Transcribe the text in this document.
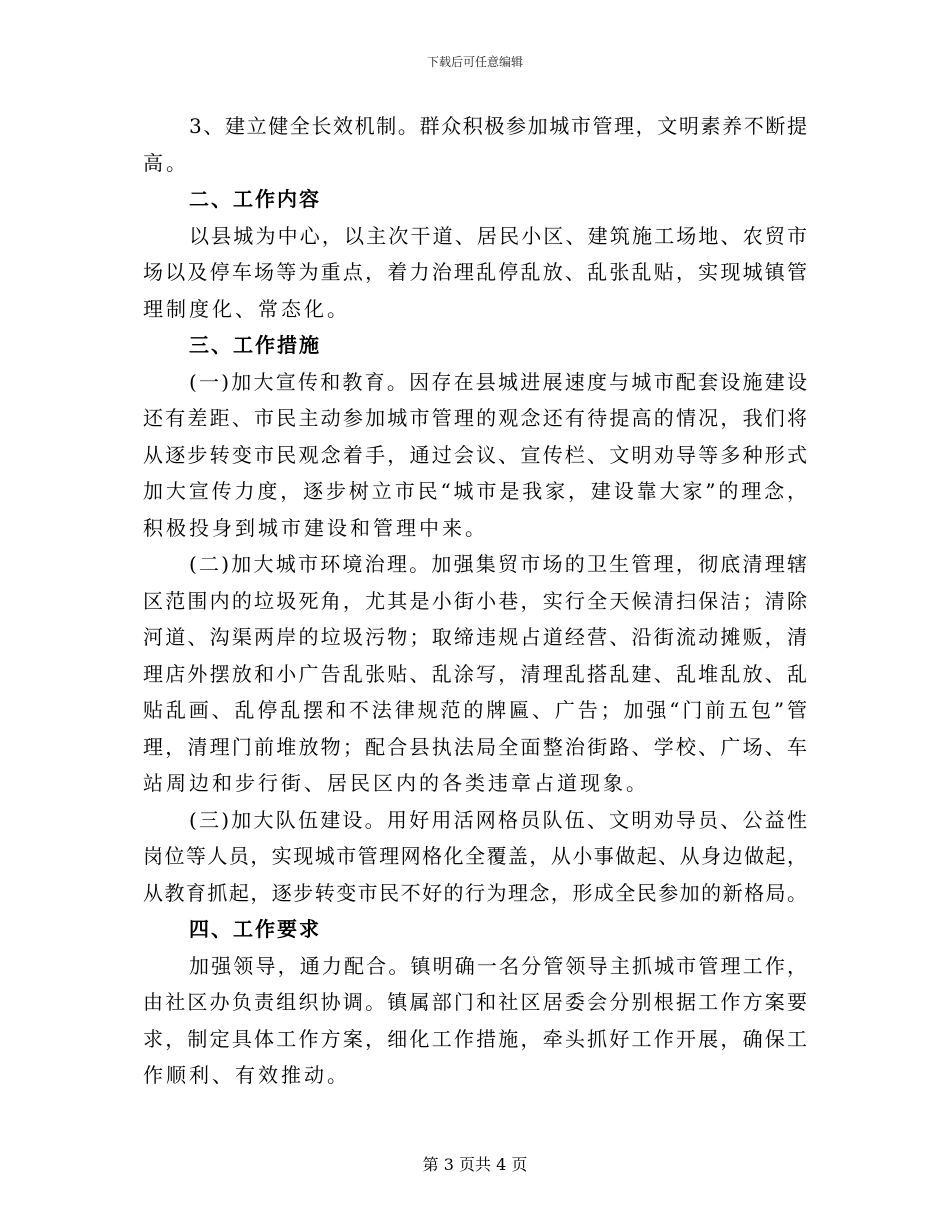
下载后可任意编辑
3、建立健全长效机制。群众积极参加城市管理，文明素养不断提
高。
二、工作内容
以县城为中心，以主次干道、居民小区、建筑施工场地、农贸市
场以及停车场等为重点，着力治理乱停乱放、乱张乱贴，实现城镇管
理制度化、常态化。
三、工作措施
(一)加大宣传和教育。因存在县城进展速度与城市配套设施建设
还有差距、市民主动参加城市管理的观念还有待提高的情况，我们将
从逐步转变市民观念着手，通过会议、宣传栏、文明劝导等多种形式
加大宣传力度，逐步树立市民“城市是我家，建设靠大家”的理念，
积极投身到城市建设和管理中来。
(二)加大城市环境治理。加强集贸市场的卫生管理，彻底清理辖
区范围内的垃圾死角，尤其是小街小巷，实行全天候清扫保洁；清除
河道、沟渠两岸的垃圾污物；取缔违规占道经营、沿街流动摊贩，清
理店外摆放和小广告乱张贴、乱涂写，清理乱搭乱建、乱堆乱放、乱
贴乱画、乱停乱摆和不法律规范的牌匾、广告；加强“门前五包”管
理，清理门前堆放物；配合县执法局全面整治街路、学校、广场、车
站周边和步行街、居民区内的各类违章占道现象。
(三)加大队伍建设。用好用活网格员队伍、文明劝导员、公益性
岗位等人员，实现城市管理网格化全覆盖，从小事做起、从身边做起，
从教育抓起，逐步转变市民不好的行为理念，形成全民参加的新格局。
四、工作要求
加强领导，通力配合。镇明确一名分管领导主抓城市管理工作，
由社区办负责组织协调。镇属部门和社区居委会分别根据工作方案要
求，制定具体工作方案，细化工作措施，牵头抓好工作开展，确保工
作顺利、有效推动。
第 3 页共 4 页
